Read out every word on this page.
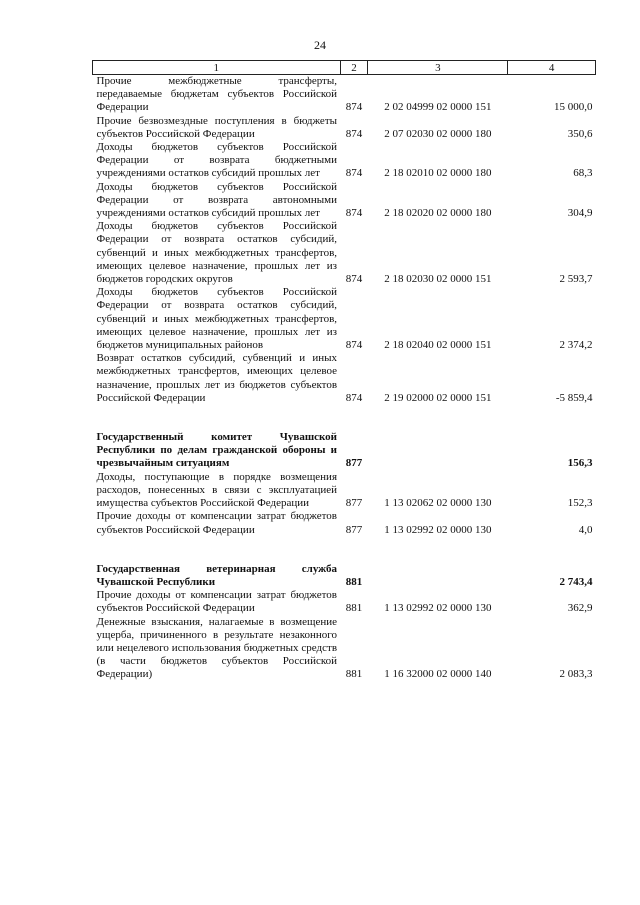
24
1	2	3	4
Прочие межбюджетные трансферты, передаваемые бюджетам субъектов Российской Федерации	874	2 02 04999 02 0000 151	15 000,0
Прочие безвозмездные поступления в бюджеты субъектов Российской Федерации	874	2 07 02030 02 0000 180	350,6
Доходы бюджетов субъектов Российской Федерации от возврата бюджетными учреждениями остатков субсидий прошлых лет	874	2 18 02010 02 0000 180	68,3
Доходы бюджетов субъектов Российской Федерации от возврата автономными учреждениями остатков субсидий прошлых лет	874	2 18 02020 02 0000 180	304,9
Доходы бюджетов субъектов Российской Федерации от возврата остатков субсидий, субвенций и иных межбюджетных трансфертов, имеющих целевое назначение, прошлых лет из бюджетов городских округов	874	2 18 02030 02 0000 151	2 593,7
Доходы бюджетов субъектов Российской Федерации от возврата остатков субсидий, субвенций и иных межбюджетных трансфертов, имеющих целевое назначение, прошлых лет из бюджетов муниципальных районов	874	2 18 02040 02 0000 151	2 374,2
Возврат остатков субсидий, субвенций и иных межбюджетных трансфертов, имеющих целевое назначение, прошлых лет из бюджетов субъектов Российской Федерации	874	2 19 02000 02 0000 151	-5 859,4
Государственный комитет Чувашской Республики по делам гражданской обороны и чрезвычайным ситуациям	877		156,3
Доходы, поступающие в порядке возмещения расходов, понесенных в связи с эксплуатацией имущества субъектов Российской Федерации	877	1 13 02062 02 0000 130	152,3
Прочие доходы от компенсации затрат бюджетов субъектов Российской Федерации	877	1 13 02992 02 0000 130	4,0
Государственная ветеринарная служба Чувашской Республики	881		2 743,4
Прочие доходы от компенсации затрат бюджетов субъектов Российской Федерации	881	1 13 02992 02 0000 130	362,9
Денежные взыскания, налагаемые в возмещение ущерба, причиненного в результате незаконного или нецелевого использования бюджетных средств (в части бюджетов субъектов Российской Федерации)	881	1 16 32000 02 0000 140	2 083,3
